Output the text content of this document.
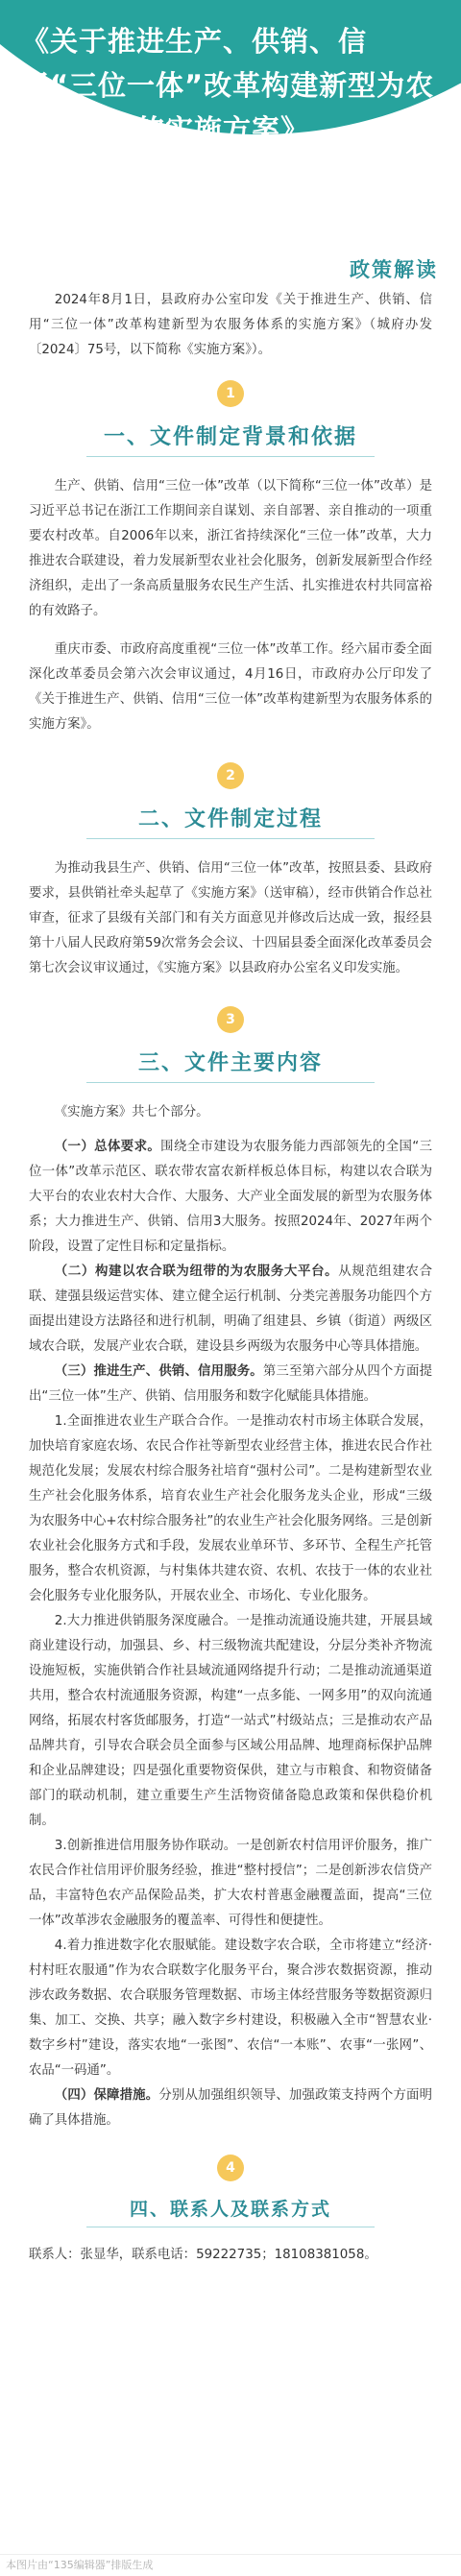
《关于推进生产、供销、信用“三位一体”改革构建新型为农服务体系的实施方案》
一图读懂
政策解读

2024年8月1日，县政府办公室印发《关于推进生产、供销、信用“三位一体”改革构建新型为农服务体系的实施方案》（城府办发〔2024〕75号，以下简称《实施方案》）。

1
一、文件制定背景和依据

生产、供销、信用“三位一体”改革（以下简称“三位一体”改革）是习近平总书记在浙江工作期间亲自谋划、亲自部署、亲自推动的一项重要农村改革。自2006年以来，浙江省持续深化“三位一体”改革，大力推进农合联建设，着力发展新型农业社会化服务，创新发展新型合作经济组织，走出了一条高质量服务农民生产生活、扎实推进农村共同富裕的有效路子。

重庆市委、市政府高度重视“三位一体”改革工作。经六届市委全面深化改革委员会第六次会审议通过，4月16日，市政府办公厅印发了《关于推进生产、供销、信用“三位一体”改革构建新型为农服务体系的实施方案》。

2
二、文件制定过程

为推动我县生产、供销、信用“三位一体”改革，按照县委、县政府要求，县供销社牵头起草了《实施方案》（送审稿），经市供销合作总社审查，征求了县级有关部门和有关方面意见并修改后达成一致，报经县第十八届人民政府第59次常务会会议、十四届县委全面深化改革委员会第七次会议审议通过，《实施方案》以县政府办公室名义印发实施。

3
三、文件主要内容

《实施方案》共七个部分。

（一）总体要求。围绕全市建设为农服务能力西部领先的全国“三位一体”改革示范区、联农带农富农新样板总体目标，构建以农合联为大平台的农业农村大合作、大服务、大产业全面发展的新型为农服务体系；大力推进生产、供销、信用3大服务。按照2024年、2027年两个阶段，设置了定性目标和定量指标。

（二）构建以农合联为纽带的为农服务大平台。从规范组建农合联、建强县级运营实体、建立健全运行机制、分类完善服务功能四个方面提出建设方法路径和进行机制，明确了组建县、乡镇（街道）两级区域农合联，发展产业农合联，建设县乡两级为农服务中心等具体措施。

（三）推进生产、供销、信用服务。第三至第六部分从四个方面提出“三位一体”生产、供销、信用服务和数字化赋能具体措施。

1.全面推进农业生产联合合作。一是推动农村市场主体联合发展，加快培育家庭农场、农民合作社等新型农业经营主体，推进农民合作社规范化发展；发展农村综合服务社培育“强村公司”。二是构建新型农业生产社会化服务体系，培育农业生产社会化服务龙头企业，形成“三级为农服务中心+农村综合服务社”的农业生产社会化服务网络。三是创新农业社会化服务方式和手段，发展农业单环节、多环节、全程生产托管服务，整合农机资源，与村集体共建农资、农机、农技于一体的农业社会化服务专业化服务队，开展农业全、市场化、专业化服务。

2.大力推进供销服务深度融合。一是推动流通设施共建，开展县域商业建设行动，加强县、乡、村三级物流共配建设，分层分类补齐物流设施短板，实施供销合作社县域流通网络提升行动；二是推动流通渠道共用，整合农村流通服务资源，构建“一点多能、一网多用”的双向流通网络，拓展农村客货邮服务，打造“一站式”村级站点；三是推动农产品品牌共育，引导农合联会员全面参与区域公用品牌、地理商标保护品牌和企业品牌建设；四是强化重要物资保供，建立与市粮食、和物资储备部门的联动机制，建立重要生产生活物资储备隐息政策和保供稳价机制。

3.创新推进信用服务协作联动。一是创新农村信用评价服务，推广农民合作社信用评价服务经验，推进“整村授信”；二是创新涉农信贷产品，丰富特色农产品保险品类，扩大农村普惠金融覆盖面，提高“三位一体”改革涉农金融服务的覆盖率、可得性和便捷性。

4.着力推进数字化农服赋能。建设数字农合联，全市将建立“经济·村村旺农服通”作为农合联数字化服务平台，聚合涉农数据资源，推动涉农政务数据、农合联服务管理数据、市场主体经营服务等数据资源归集、加工、交换、共享；融入数字乡村建设，积极融入全市“智慧农业·数字乡村”建设，落实农地“一张图”、农信“一本账”、农事“一张网”、农品“一码通”。

（四）保障措施。分别从加强组织领导、加强政策支持两个方面明确了具体措施。

4
四、联系人及联系方式

联系人：张显华，联系电话：59222735；18108381058。

本图片由“135编辑器”排版生成
